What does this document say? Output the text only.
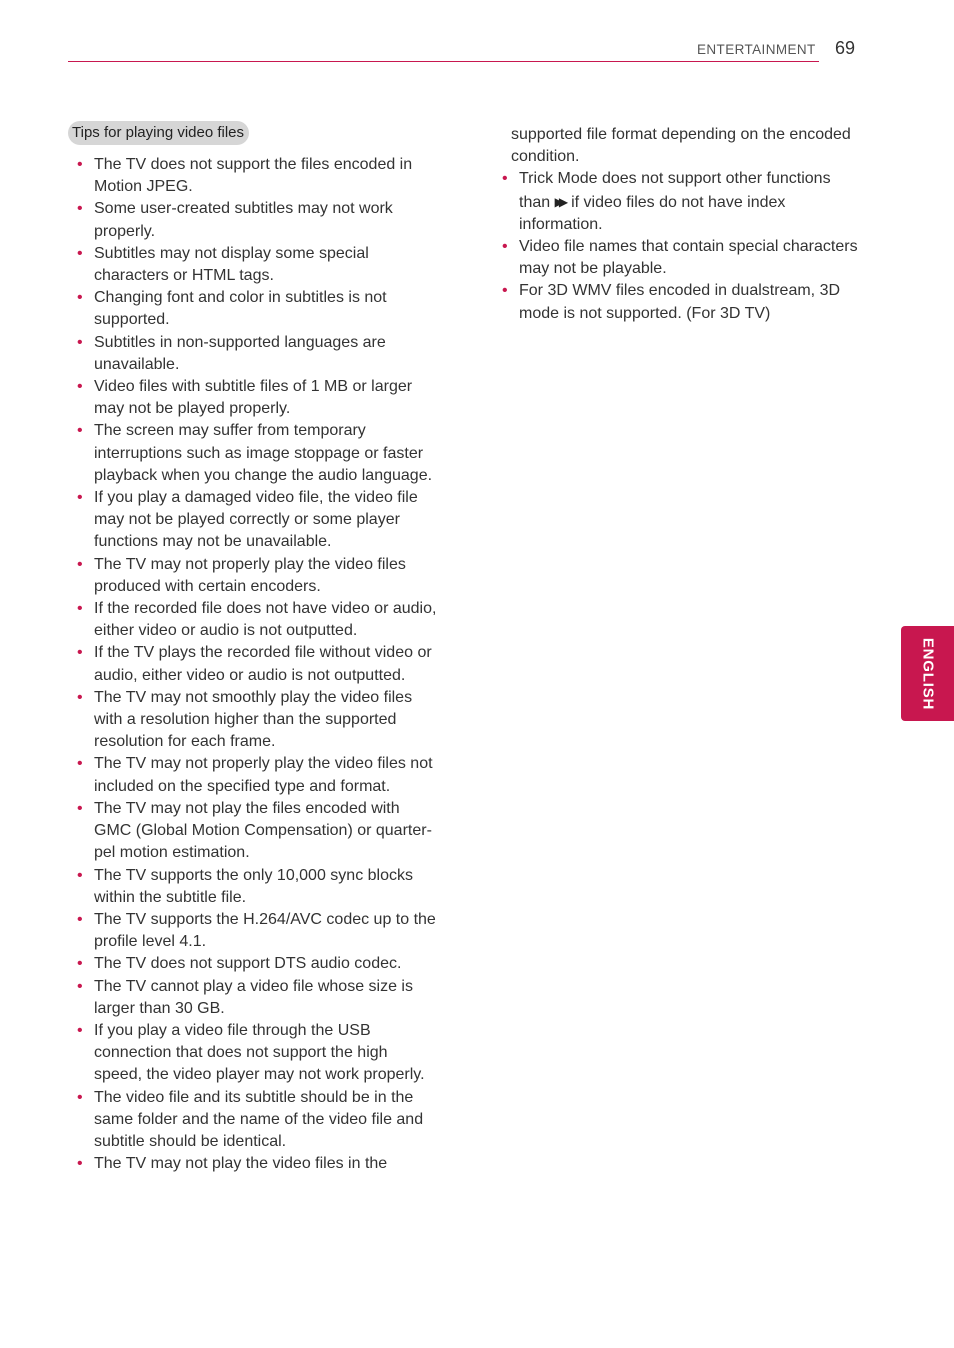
ENTERTAINMENT 69
Tips for playing video files
• The TV does not support the files encoded in Motion JPEG.
• Some user-created subtitles may not work properly.
• Subtitles may not display some special characters or HTML tags.
• Changing font and color in subtitles is not supported.
• Subtitles in non-supported languages are unavailable.
• Video files with subtitle files of 1 MB or larger may not be played properly.
• The screen may suffer from temporary interruptions such as image stoppage or faster playback when you change the audio language.
• If you play a damaged video file, the video file may not be played correctly or some player functions may not be unavailable.
• The TV may not properly play the video files produced with certain encoders.
• If the recorded file does not have video or audio, either video or audio is not outputted.
• If the TV plays the recorded file without video or audio, either video or audio is not outputted.
• The TV may not smoothly play the video files with a resolution higher than the supported resolution for each frame.
• The TV may not properly play the video files not included on the specified type and format.
• The TV may not play the files encoded with GMC (Global Motion Compensation) or quarter-pel motion estimation.
• The TV supports the only 10,000 sync blocks within the subtitle file.
• The TV supports the H.264/AVC codec up to the profile level 4.1.
• The TV does not support DTS audio codec.
• The TV cannot play a video file whose size is larger than 30 GB.
• If you play a video file through the USB connection that does not support the high speed, the video player may not work properly.
• The video file and its subtitle should be in the same folder and the name of the video file and subtitle should be identical.
• The TV may not play the video files in the

supported file format depending on the encoded condition.

• Trick Mode does not support other functions than ▶▶ if video files do not have index information.
• Video file names that contain special characters may not be playable.
• For 3D WMV files encoded in dualstream, 3D mode is not supported. (For 3D TV)
ENGLISH
